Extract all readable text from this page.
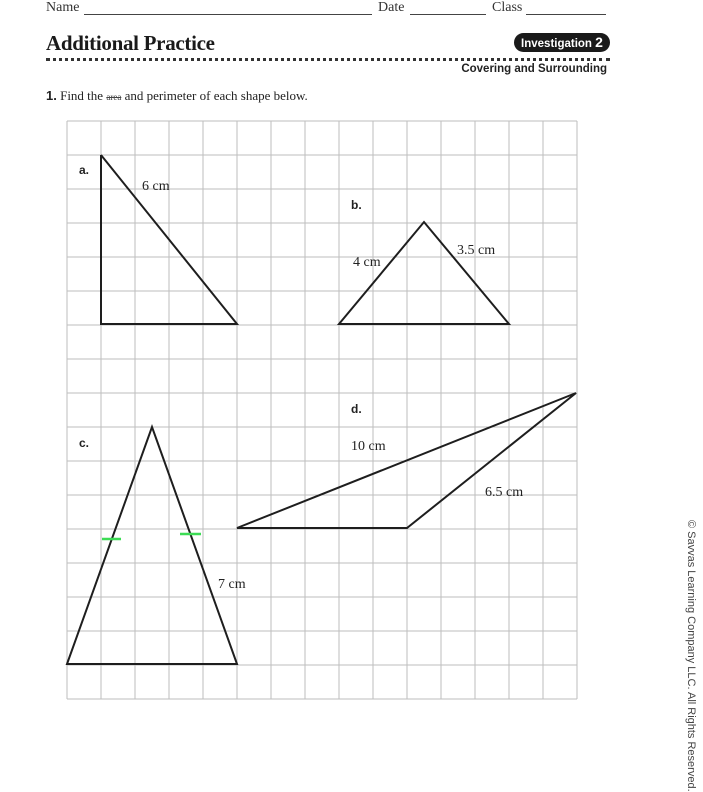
Name	Date	Class
Additional Practice	Investigation 2
Covering and Surrounding
1. Find the area and perimeter of each shape below.
a.
6 cm
b.
4 cm
3.5 cm
c.
7 cm
d.
10 cm
6.5 cm
© Savvas Learning Company LLC. All Rights Reserved.
